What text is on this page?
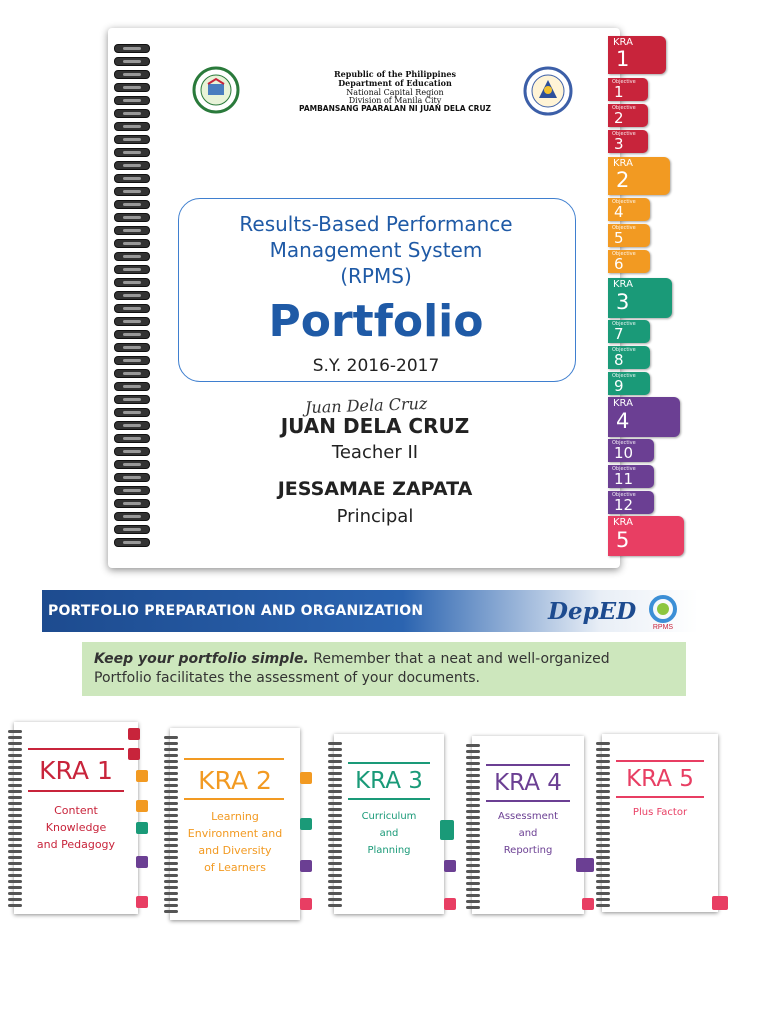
Republic of the Philippines
Department of Education
National Capital Region
Division of Manila City
PAMBANSANG PAARALAN NI JUAN DELA CRUZ
Results-Based Performance
Management System
(RPMS)
Portfolio
S.Y. 2016-2017
Juan Dela Cruz
JUAN DELA CRUZ
Teacher II
JESSAMAE ZAPATA
Principal
KRA
1
Objective
1
Objective
2
Objective
3
KRA
2
Objective
4
Objective
5
Objective
6
KRA
3
Objective
7
Objective
8
Objective
9
KRA
4
Objective
10
Objective
11
Objective
12
KRA
5
PORTFOLIO PREPARATION AND ORGANIZATION	DepED
RPMS
Keep your portfolio simple. Remember that a neat and well-organized
Portfolio facilitates the assessment of your documents.
KRA 1
Content
Knowledge
and Pedagogy
KRA 2
Learning
Environment and
and Diversity
of Learners
KRA 3
Curriculum
and
Planning
KRA 4
Assessment
and
Reporting
KRA 5
Plus Factor
